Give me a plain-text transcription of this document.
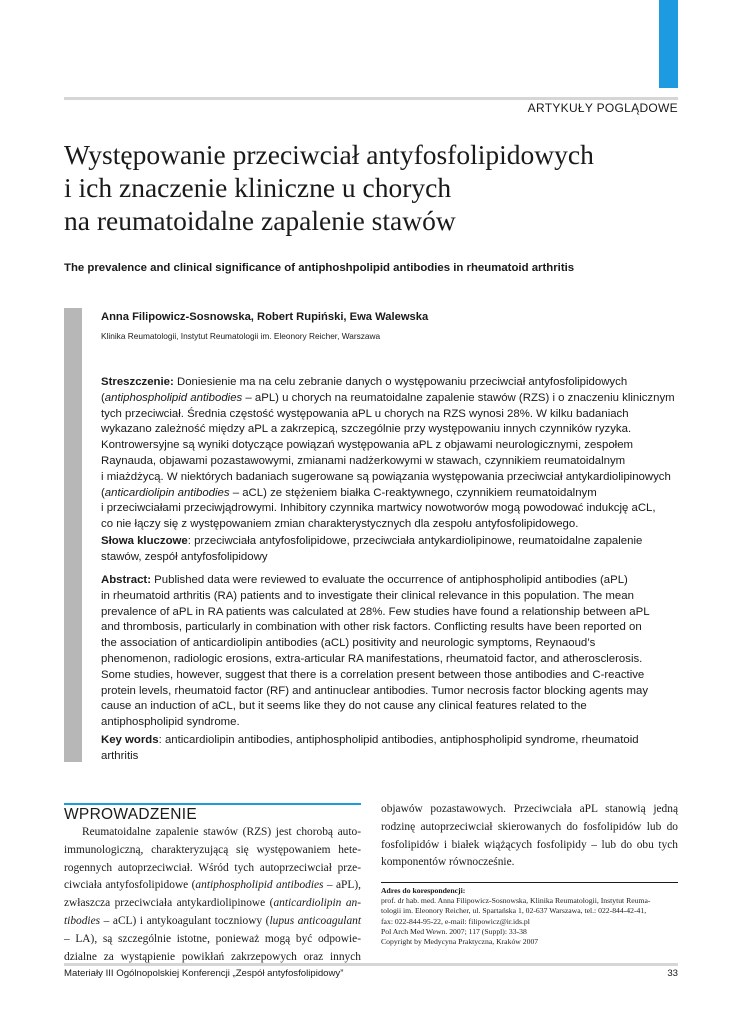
ARTYKUŁY POGLĄDOWE
Występowanie przeciwciał antyfosfolipidowych
i ich znaczenie kliniczne u chorych
na reumatoidalne zapalenie stawów
The prevalence and clinical significance of antiphoshpolipid antibodies in rheumatoid arthritis
Anna Filipowicz-Sosnowska, Robert Rupiński, Ewa Walewska
Klinika Reumatologii, Instytut Reumatologii im. Eleonory Reicher, Warszawa
Streszczenie: Doniesienie ma na celu zebranie danych o występowaniu przeciwciał antyfosfolipidowych
(antiphospholipid antibodies – aPL) u chorych na reumatoidalne zapalenie stawów (RZS) i o znaczeniu klinicznym
tych przeciwciał. Średnia częstość występowania aPL u chorych na RZS wynosi 28%. W kilku badaniach
wykazano zależność między aPL a zakrzepicą, szczególnie przy występowaniu innych czynników ryzyka.
Kontrowersyjne są wyniki dotyczące powiązań występowania aPL z objawami neurologicznymi, zespołem
Raynauda, objawami pozastawowymi, zmianami nadżerkowymi w stawach, czynnikiem reumatoidalnym
i miażdżycą. W niektórych badaniach sugerowane są powiązania występowania przeciwciał antykardiolipinowych
(anticardiolipin antibodies – aCL) ze stężeniem białka C-reaktywnego, czynnikiem reumatoidalnym
i przeciwciałami przeciwjądrowymi. Inhibitory czynnika martwicy nowotworów mogą powodować indukcję aCL,
co nie łączy się z występowaniem zmian charakterystycznych dla zespołu antyfosfolipidowego.
Słowa kluczowe: przeciwciała antyfosfolipidowe, przeciwciała antykardiolipinowe, reumatoidalne zapalenie
stawów, zespół antyfosfolipidowy
Abstract: Published data were reviewed to evaluate the occurrence of antiphospholipid antibodies (aPL)
in rheumatoid arthritis (RA) patients and to investigate their clinical relevance in this population. The mean
prevalence of aPL in RA patients was calculated at 28%. Few studies have found a relationship between aPL
and thrombosis, particularly in combination with other risk factors. Conflicting results have been reported on
the association of anticardiolipin antibodies (aCL) positivity and neurologic symptoms, Reynaoud’s
phenomenon, radiologic erosions, extra-articular RA manifestations, rheumatoid factor, and atherosclerosis.
Some studies, however, suggest that there is a correlation present between those antibodies and C-reactive
protein levels, rheumatoid factor (RF) and antinuclear antibodies. Tumor necrosis factor blocking agents may
cause an induction of aCL, but it seems like they do not cause any clinical features related to the
antiphospholipid syndrome.
Key words: anticardiolipin antibodies, antiphospholipid antibodies, antiphospholipid syndrome, rheumatoid
arthritis
WPROWADZENIE
Reumatoidalne zapalenie stawów (RZS) jest chorobą auto-
immunologiczną, charakteryzującą się występowaniem hete-
rogennych autoprzeciwciał. Wśród tych autoprzeciwciał prze-
ciwciała antyfosfolipidowe (antiphospholipid antibodies – aPL),
zwłaszcza przeciwciała antykardiolipinowe (anticardiolipin an-
tibodies – aCL) i antykoagulant toczniowy (lupus anticoagulant
– LA), są szczególnie istotne, ponieważ mogą być odpowie-
dzialne za wystąpienie powikłań zakrzepowych oraz innych
objawów pozastawowych. Przeciwciała aPL stanowią jedną
rodzinę autoprzeciwciał skierowanych do fosfolipidów lub do
fosfolipidów i białek wiążących fosfolipidy – lub do obu tych
komponentów równocześnie.
Adres do korespondencji:
prof. dr hab. med. Anna Filipowicz-Sosnowska, Klinika Reumatologii, Instytut Reuma-
tologii im. Eleonory Reicher, ul. Spartańska 1, 02-637 Warszawa, tel.: 022-844-42-41,
fax: 022-844-95-22, e-mail: filipowicz@ir.ids.pl
Pol Arch Med Wewn. 2007; 117 (Suppl): 33-38
Copyright by Medycyna Praktyczna, Kraków 2007
Materiały III Ogólnopolskiej Konferencji „Zespół antyfosfolipidowy”	33
